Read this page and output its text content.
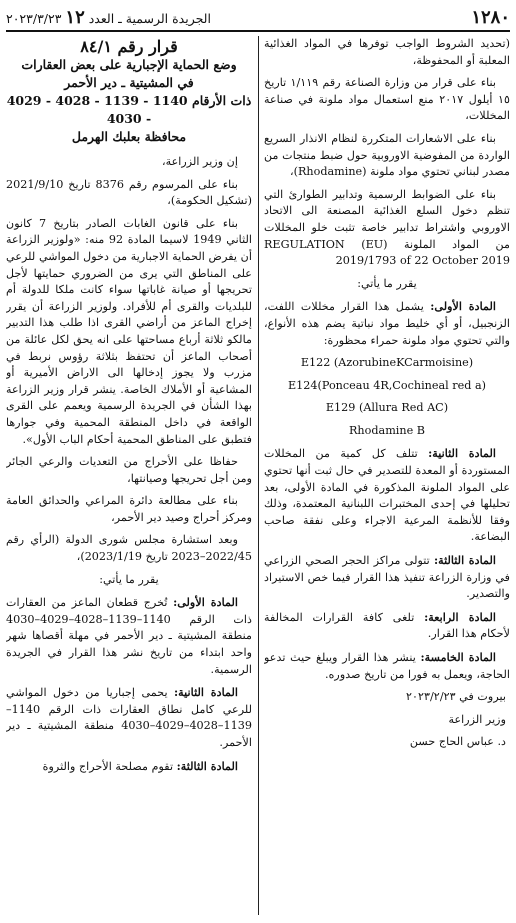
١٢٨٠
الجريدة الرسمية ـ العدد ١٢ ٢٠٢٣/٣/٢٣

(تحديد الشروط الواجب توفرها في المواد الغذائية المعلبة أو المحفوظة،

بناء على قرار من وزارة الصناعة رقم ١/١١٩ تاريخ ١٥ أيلول ٢٠١٧ منع استعمال مواد ملونة في صناعة المخللات،

بناء على الاشعارات المتكررة لنظام الانذار السريع الواردة من المفوضية الاوروبية حول ضبط منتجات من مصدر لبناني تحتوي مواد ملونة (Rhodamine)،

بناء على الضوابط الرسمية وتدابير الطوارئ التي تنظم دخول السلع الغذائية المصنعة الى الاتحاد الاوروبي واشتراط تدابير خاصة تثبت خلو المخللات من المواد الملونة REGULATION (EU) 2019/1793 of 22 October 2019

يقرر ما يأتي:

المادة الأولى: يشمل هذا القرار مخللات اللفت، الزنجبيل، أو أي خليط مواد نباتية يضم هذه الأنواع، والتي تحتوي مواد ملونة حمراء محظورة:

E122 (AzorubineKCarmoisine)

E124(Ponceau 4R,Cochineal red a)

E129 (Allura Red AC)

Rhodamine B

المادة الثانية: تتلف كل كمية من المخللات المستوردة أو المعدة للتصدير في حال ثبت أنها تحتوي على المواد الملونة المذكورة في المادة الأولى، بعد تحليلها في إحدى المختبرات اللبنانية المعتمدة، وذلك وفقا للأنظمة المرعية الاجراء وعلى نفقة صاحب البضاعة.

المادة الثالثة: تتولى مراكز الحجر الصحي الزراعي في وزارة الزراعة تنفيذ هذا القرار فيما خص الاستيراد والتصدير.

المادة الرابعة: تلغى كافة القرارات المخالفة لأحكام هذا القرار.

المادة الخامسة: ينشر هذا القرار ويبلغ حيث تدعو الحاجة، ويعمل به فورا من تاريخ صدوره.

بيروت في ٢٠٢٣/٢/٢٣

وزير الزراعة

د. عباس الحاج حسن

قرار رقم ٨٤/١
وضع الحماية الإجبارية على بعض العقارات
في المشيتية ـ دير الأحمر
ذات الأرقام 1140 - 1139 - 4028 - 4029 - 4030
محافظة بعلبك الهرمل

إن وزير الزراعة،

بناء على المرسوم رقم 8376 تاريخ 2021/9/10 (تشكيل الحكومة)،

بناء على قانون الغابات الصادر بتاريخ 7 كانون الثاني 1949 لاسيما المادة 92 منه: «ولوزير الزراعة أن يفرض الحماية الاجبارية من دخول المواشي للرعي على المناطق التي يرى من الضروري حمايتها لأجل تحريجها أو صيانة غاباتها سواء كانت ملكا للدولة أم للبلديات والقرى أم للأفراد. ولوزير الزراعة أن يقرر إخراج الماعز من أراضي القرى اذا طلب هذا التدبير مالكو ثلاثة أرباع مساحتها على انه يحق لكل عائلة من أصحاب الماعز أن تحتفظ بثلاثة رؤوس نربط في مزرب ولا يجوز إدخالها الى الاراض الأميرية أو المشاعية أو الأملاك الخاصة. ينشر قرار وزير الزراعة بهذا الشأن في الجريدة الرسمية ويعمم على القرى الواقعة في داخل المنطقة المحمية وفي جوارها فتطبق على المناطق المحمية أحكام الباب الأول».

حفاظا على الأحراج من التعديات والرعي الجائر ومن أجل تحريجها وصيانتها،

بناء على مطالعة دائرة المراعي والحدائق العامة ومركز أحراج وصيد دير الأحمر،

وبعد استشارة مجلس شورى الدولة (الرأي رقم 2022/45–2023 تاريخ 2023/1/19)،

يقرر ما يأتي:

المادة الأولى: تُخرج قطعان الماعز من العقارات ذات الرقم 1140–1139–4028–4029–4030 منطقة المشيتية ـ دير الأحمر في مهلة أقصاها شهر واحد ابتداء من تاريخ نشر هذا القرار في الجريدة الرسمية.

المادة الثانية: يحمى إجباريا من دخول المواشي للرعي كامل نطاق العقارات ذات الرقم 1140–1139–4028–4029–4030 منطقة المشيتية ـ دير الأحمر.

المادة الثالثة: تقوم مصلحة الأحراج والثروة
